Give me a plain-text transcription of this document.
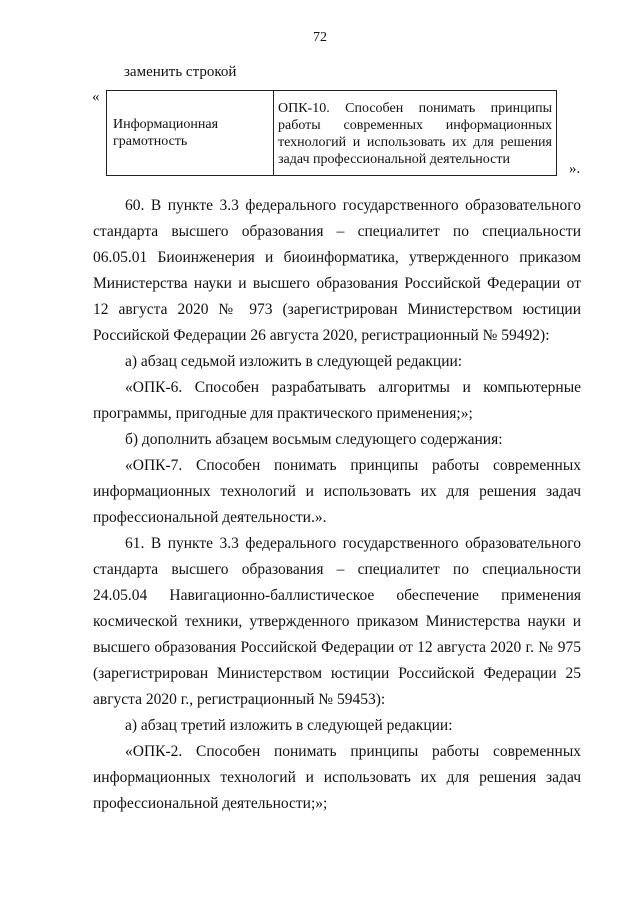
72
заменить строкой
«
Информационная грамотность	ОПК-10. Способен понимать принципы работы современных информационных технологий и использовать их для решения задач профессиональной деятельности
».

60. В пункте 3.3 федерального государственного образовательного стандарта высшего образования – специалитет по специальности 06.05.01 Биоинженерия и биоинформатика, утвержденного приказом Министерства науки и высшего образования Российской Федерации от 12 августа 2020 № 973 (зарегистрирован Министерством юстиции Российской Федерации 26 августа 2020, регистрационный № 59492):

а) абзац седьмой изложить в следующей редакции:

«ОПК-6. Способен разрабатывать алгоритмы и компьютерные программы, пригодные для практического применения;»;

б) дополнить абзацем восьмым следующего содержания:

«ОПК-7. Способен понимать принципы работы современных информационных технологий и использовать их для решения задач профессиональной деятельности.».

61. В пункте 3.3 федерального государственного образовательного стандарта высшего образования – специалитет по специальности 24.05.04 Навигационно-баллистическое обеспечение применения космической техники, утвержденного приказом Министерства науки и высшего образования Российской Федерации от 12 августа 2020 г. № 975 (зарегистрирован Министерством юстиции Российской Федерации 25 августа 2020 г., регистрационный № 59453):

а) абзац третий изложить в следующей редакции:

«ОПК-2. Способен понимать принципы работы современных информационных технологий и использовать их для решения задач профессиональной деятельности;»;
